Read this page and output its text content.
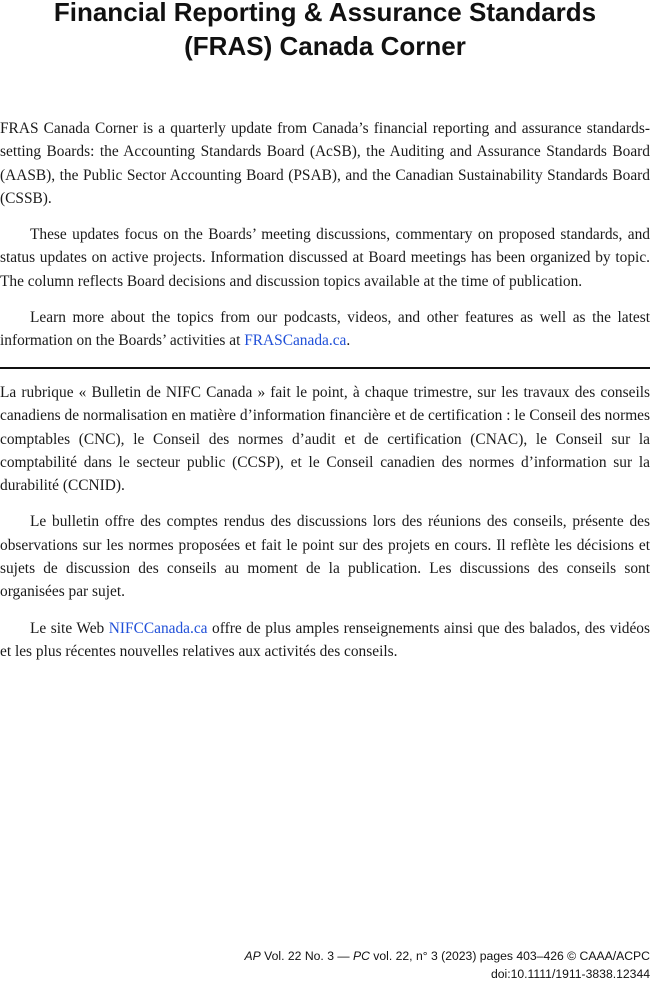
Financial Reporting & Assurance Standards
(FRAS) Canada Corner

FRAS Canada Corner is a quarterly update from Canada’s financial reporting and assurance standards-setting Boards: the Accounting Standards Board (AcSB), the Auditing and Assurance Standards Board (AASB), the Public Sector Accounting Board (PSAB), and the Canadian Sustainability Standards Board (CSSB).

These updates focus on the Boards’ meeting discussions, commentary on proposed standards, and status updates on active projects. Information discussed at Board meetings has been organized by topic. The column reflects Board decisions and discussion topics available at the time of publication.

Learn more about the topics from our podcasts, videos, and other features as well as the latest information on the Boards’ activities at FRASCanada.ca.

La rubrique « Bulletin de NIFC Canada » fait le point, à chaque trimestre, sur les travaux des conseils canadiens de normalisation en matière d’information financière et de certification : le Conseil des normes comptables (CNC), le Conseil des normes d’audit et de certification (CNAC), le Conseil sur la comptabilité dans le secteur public (CCSP), et le Conseil canadien des normes d’information sur la durabilité (CCNID).

Le bulletin offre des comptes rendus des discussions lors des réunions des conseils, présente des observations sur les normes proposées et fait le point sur des projets en cours. Il reflète les décisions et sujets de discussion des conseils au moment de la publication. Les discussions des conseils sont organisées par sujet.

Le site Web NIFCCanada.ca offre de plus amples renseignements ainsi que des balados, des vidéos et les plus récentes nouvelles relatives aux activités des conseils.

AP Vol. 22 No. 3 — PC vol. 22, n° 3 (2023) pages 403–426 © CAAA/ACPC
doi:10.1111/1911-3838.12344
